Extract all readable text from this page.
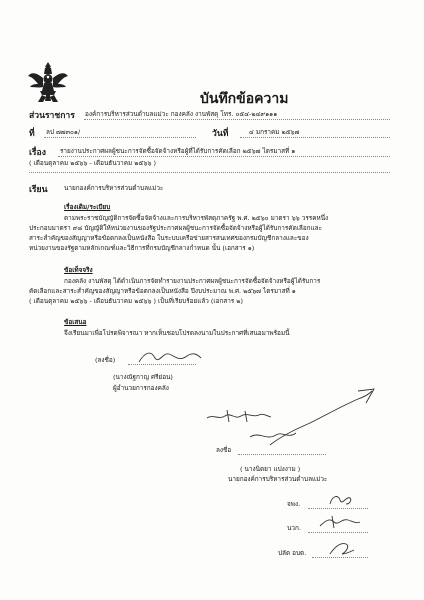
บันทึกข้อความ
ส่วนราชการ องค์การบริหารส่วนตำบลแม่วะ กองคลัง งานพัสดุ โทร. ๐๕๔-๒๔๙๑๑๑
ที่ ลป ๗๗๓๐๑/	วันที่	๔ มกราคม ๒๕๖๗
เรื่อง รายงานประกาศผลผู้ชนะการจัดซื้อจัดจ้างหรือผู้ที่ได้รับการคัดเลือก ๒๕๖๗ ไตรมาสที่ ๑
( เดือนตุลาคม ๒๕๖๖ - เดือนธันวาคม ๒๕๖๖ )
เรียน	นายกองค์การบริหารส่วนตำบลแม่วะ
เรื่องเดิม/ระเบียบ
ตามพระราชบัญญัติการจัดซื้อจัดจ้างและการบริหารพัสดุภาครัฐ พ.ศ. ๒๕๖๐ มาตรา ๖๖ วรรคหนึ่ง
ประกอบมาตรา ๙๘ บัญญัติให้หน่วยงานของรัฐประกาศผลผู้ชนะการจัดซื้อจัดจ้างหรือผู้ได้รับการคัดเลือกและ
สาระสำคัญของสัญญาหรือข้อตกลงเป็นหนังสือ ในระบบเครือข่ายสารสนเทศของกรมบัญชีกลางและของ
หน่วยงานของรัฐตามหลักเกณฑ์และวิธีการที่กรมบัญชีกลางกำหนด นั้น (เอกสาร ๑)
ข้อเท็จจริง
กองคลัง งานพัสดุ ได้ดำเนินการจัดทำรายงานประกาศผลผู้ชนะการจัดซื้อจัดจ้างหรือผู้ได้รับการ
คัดเลือกและสาระสำคัญของสัญญาหรือข้อตกลงเป็นหนังสือ ปีงบประมาณ พ.ศ. ๒๕๖๗ ไตรมาสที่ ๑
( เดือนตุลาคม ๒๕๖๖ - เดือนธันวาคม ๒๕๖๖ ) เป็นที่เรียบร้อยแล้ว (เอกสาร ๒)
ข้อเสนอ
จึงเรียนมาเพื่อโปรดพิจารณา หากเห็นชอบโปรดลงนามในประกาศที่เสนอมาพร้อมนี้
(ลงชื่อ)
(นางณัฐกาญ ศรีย่อน)
ผู้อำนวยการกองคลัง
ลงชื่อ
( นางนิตยา แปงงาม )
นายกองค์การบริหารส่วนตำบลแม่วะ
จพง.
นวก.
ปลัด อบต.
